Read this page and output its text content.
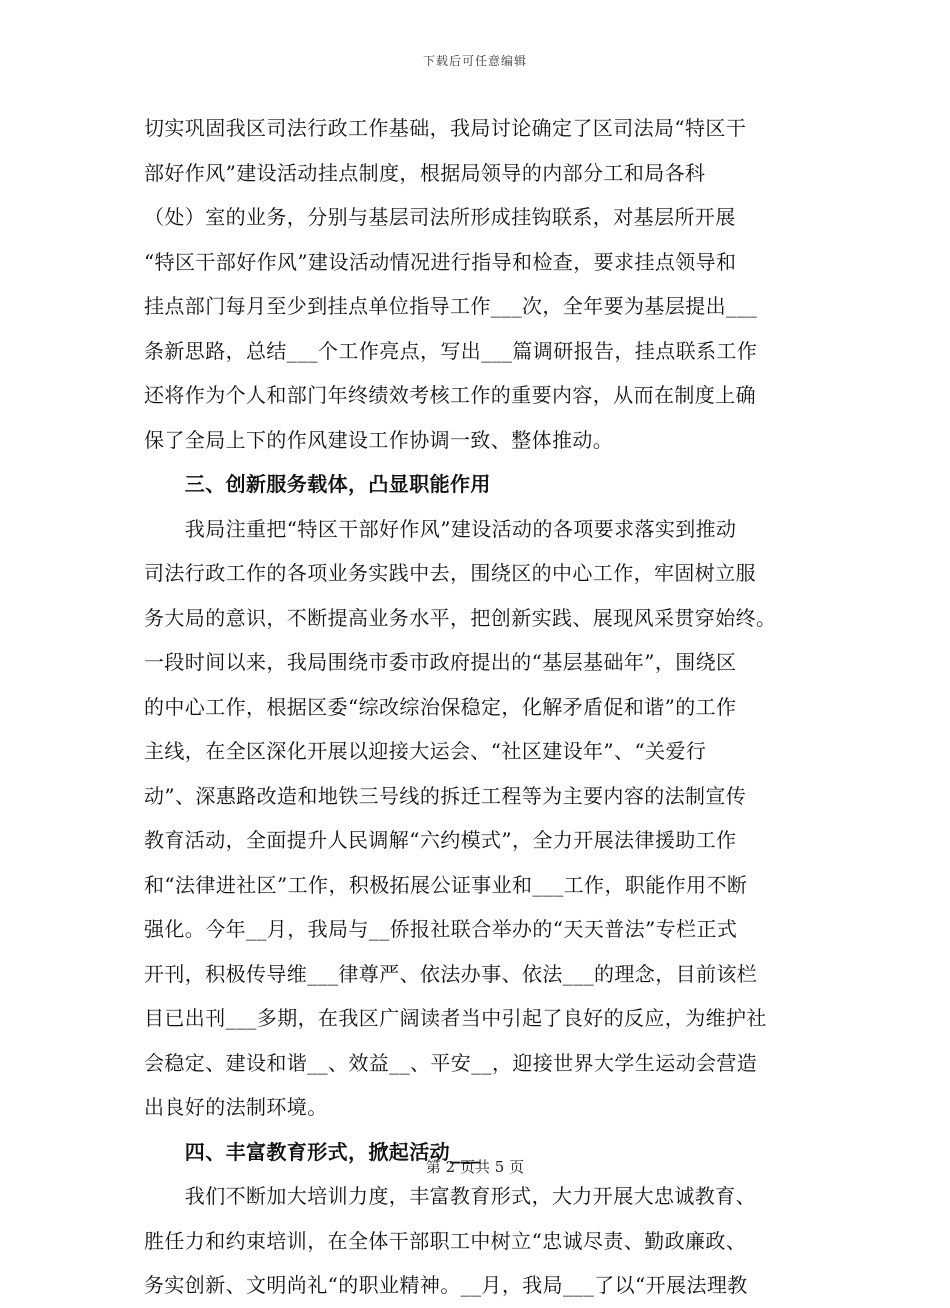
下载后可任意编辑
切实巩固我区司法行政工作基础，我局讨论确定了区司法局“特区干
部好作风”建设活动挂点制度，根据局领导的内部分工和局各科
（处）室的业务，分别与基层司法所形成挂钩联系，对基层所开展
“特区干部好作风”建设活动情况进行指导和检查，要求挂点领导和
挂点部门每月至少到挂点单位指导工作___次，全年要为基层提出___
条新思路，总结___个工作亮点，写出___篇调研报告，挂点联系工作
还将作为个人和部门年终绩效考核工作的重要内容，从而在制度上确
保了全局上下的作风建设工作协调一致、整体推动。
　　三、创新服务载体，凸显职能作用
　　我局注重把“特区干部好作风”建设活动的各项要求落实到推动
司法行政工作的各项业务实践中去，围绕区的中心工作，牢固树立服
务大局的意识，不断提高业务水平，把创新实践、展现风采贯穿始终。
一段时间以来，我局围绕市委市政府提出的“基层基础年”，围绕区
的中心工作，根据区委“综改综治保稳定，化解矛盾促和谐”的工作
主线，在全区深化开展以迎接大运会、“社区建设年”、“关爱行
动”、深惠路改造和地铁三号线的拆迁工程等为主要内容的法制宣传
教育活动，全面提升人民调解“六约模式”，全力开展法律援助工作
和“法律进社区”工作，积极拓展公证事业和___工作，职能作用不断
强化。今年__月，我局与__侨报社联合举办的“天天普法”专栏正式
开刊，积极传导维___律尊严、依法办事、依法___的理念，目前该栏
目已出刊___多期，在我区广阔读者当中引起了良好的反应，为维护社
会稳定、建设和谐__、效益__、平安__，迎接世界大学生运动会营造
出良好的法制环境。
　　四、丰富教育形式，掀起活动___
　　我们不断加大培训力度，丰富教育形式，大力开展大忠诚教育、
胜任力和约束培训，在全体干部职工中树立“忠诚尽责、勤政廉政、
务实创新、文明尚礼“的职业精神。__月，我局___了以“开展法理教
第 2 页共 5 页
